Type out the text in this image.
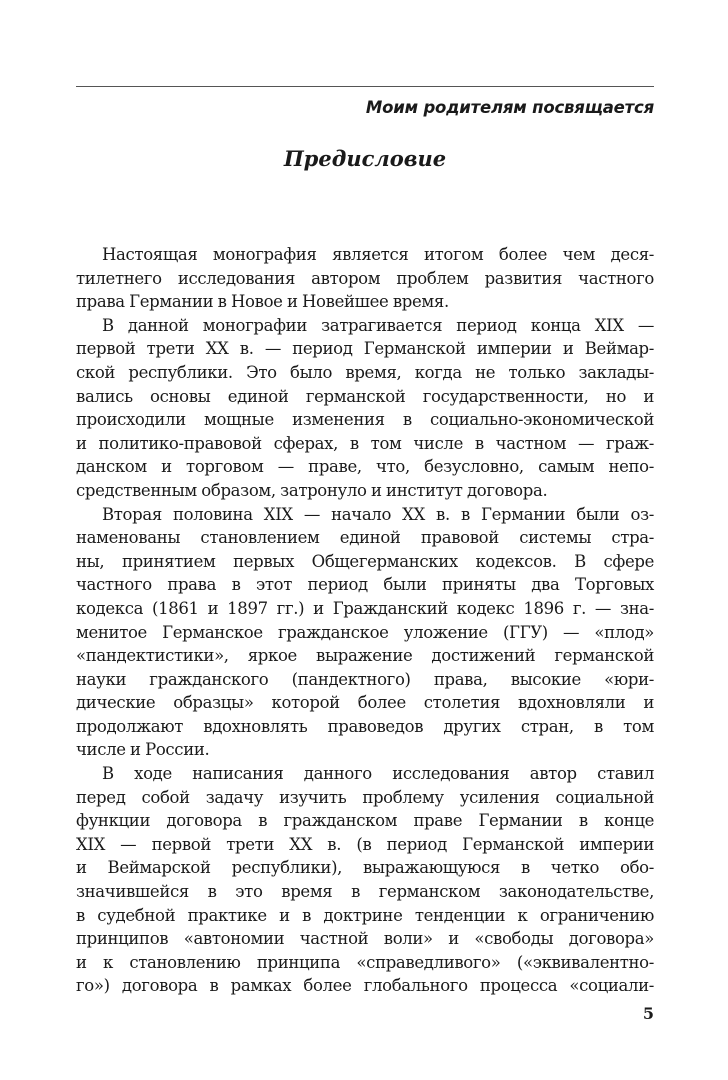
Моим родителям посвящается
Предисловие
Настоящая монография является итогом более чем деся-
тилетнего исследования автором проблем развития частного
права Германии в Новое и Новейшее время.
В данной монографии затрагивается период конца XIX —
первой трети XX в. — период Германской империи и Веймар-
ской республики. Это было время, когда не только заклады-
вались основы единой германской государственности, но и
происходили мощные изменения в социально-экономической
и политико-правовой сферах, в том числе в частном — граж-
данском и торговом — праве, что, безусловно, самым непо-
средственным образом, затронуло и институт договора.
Вторая половина XIX — начало XX в. в Германии были оз-
наменованы становлением единой правовой системы стра-
ны, принятием первых Общегерманских кодексов. В сфере
частного права в этот период были приняты два Торговых
кодекса (1861 и 1897 гг.) и Гражданский кодекс 1896 г. — зна-
менитое Германское гражданское уложение (ГГУ) — «плод»
«пандектистики», яркое выражение достижений германской
науки гражданского (пандектного) права, высокие «юри-
дические образцы» которой более столетия вдохновляли и
продолжают вдохновлять правоведов других стран, в том
числе и России.
В ходе написания данного исследования автор ставил
перед собой задачу изучить проблему усиления социальной
функции договора в гражданском праве Германии в конце
XIX — первой трети XX в. (в период Германской империи
и Веймарской республики), выражающуюся в четко обо-
значившейся в это время в германском законодательстве,
в судебной практике и в доктрине тенденции к ограничению
принципов «автономии частной воли» и «свободы договора»
и к становлению принципа «справедливого» («эквивалентно-
го») договора в рамках более глобального процесса «социали-
5
